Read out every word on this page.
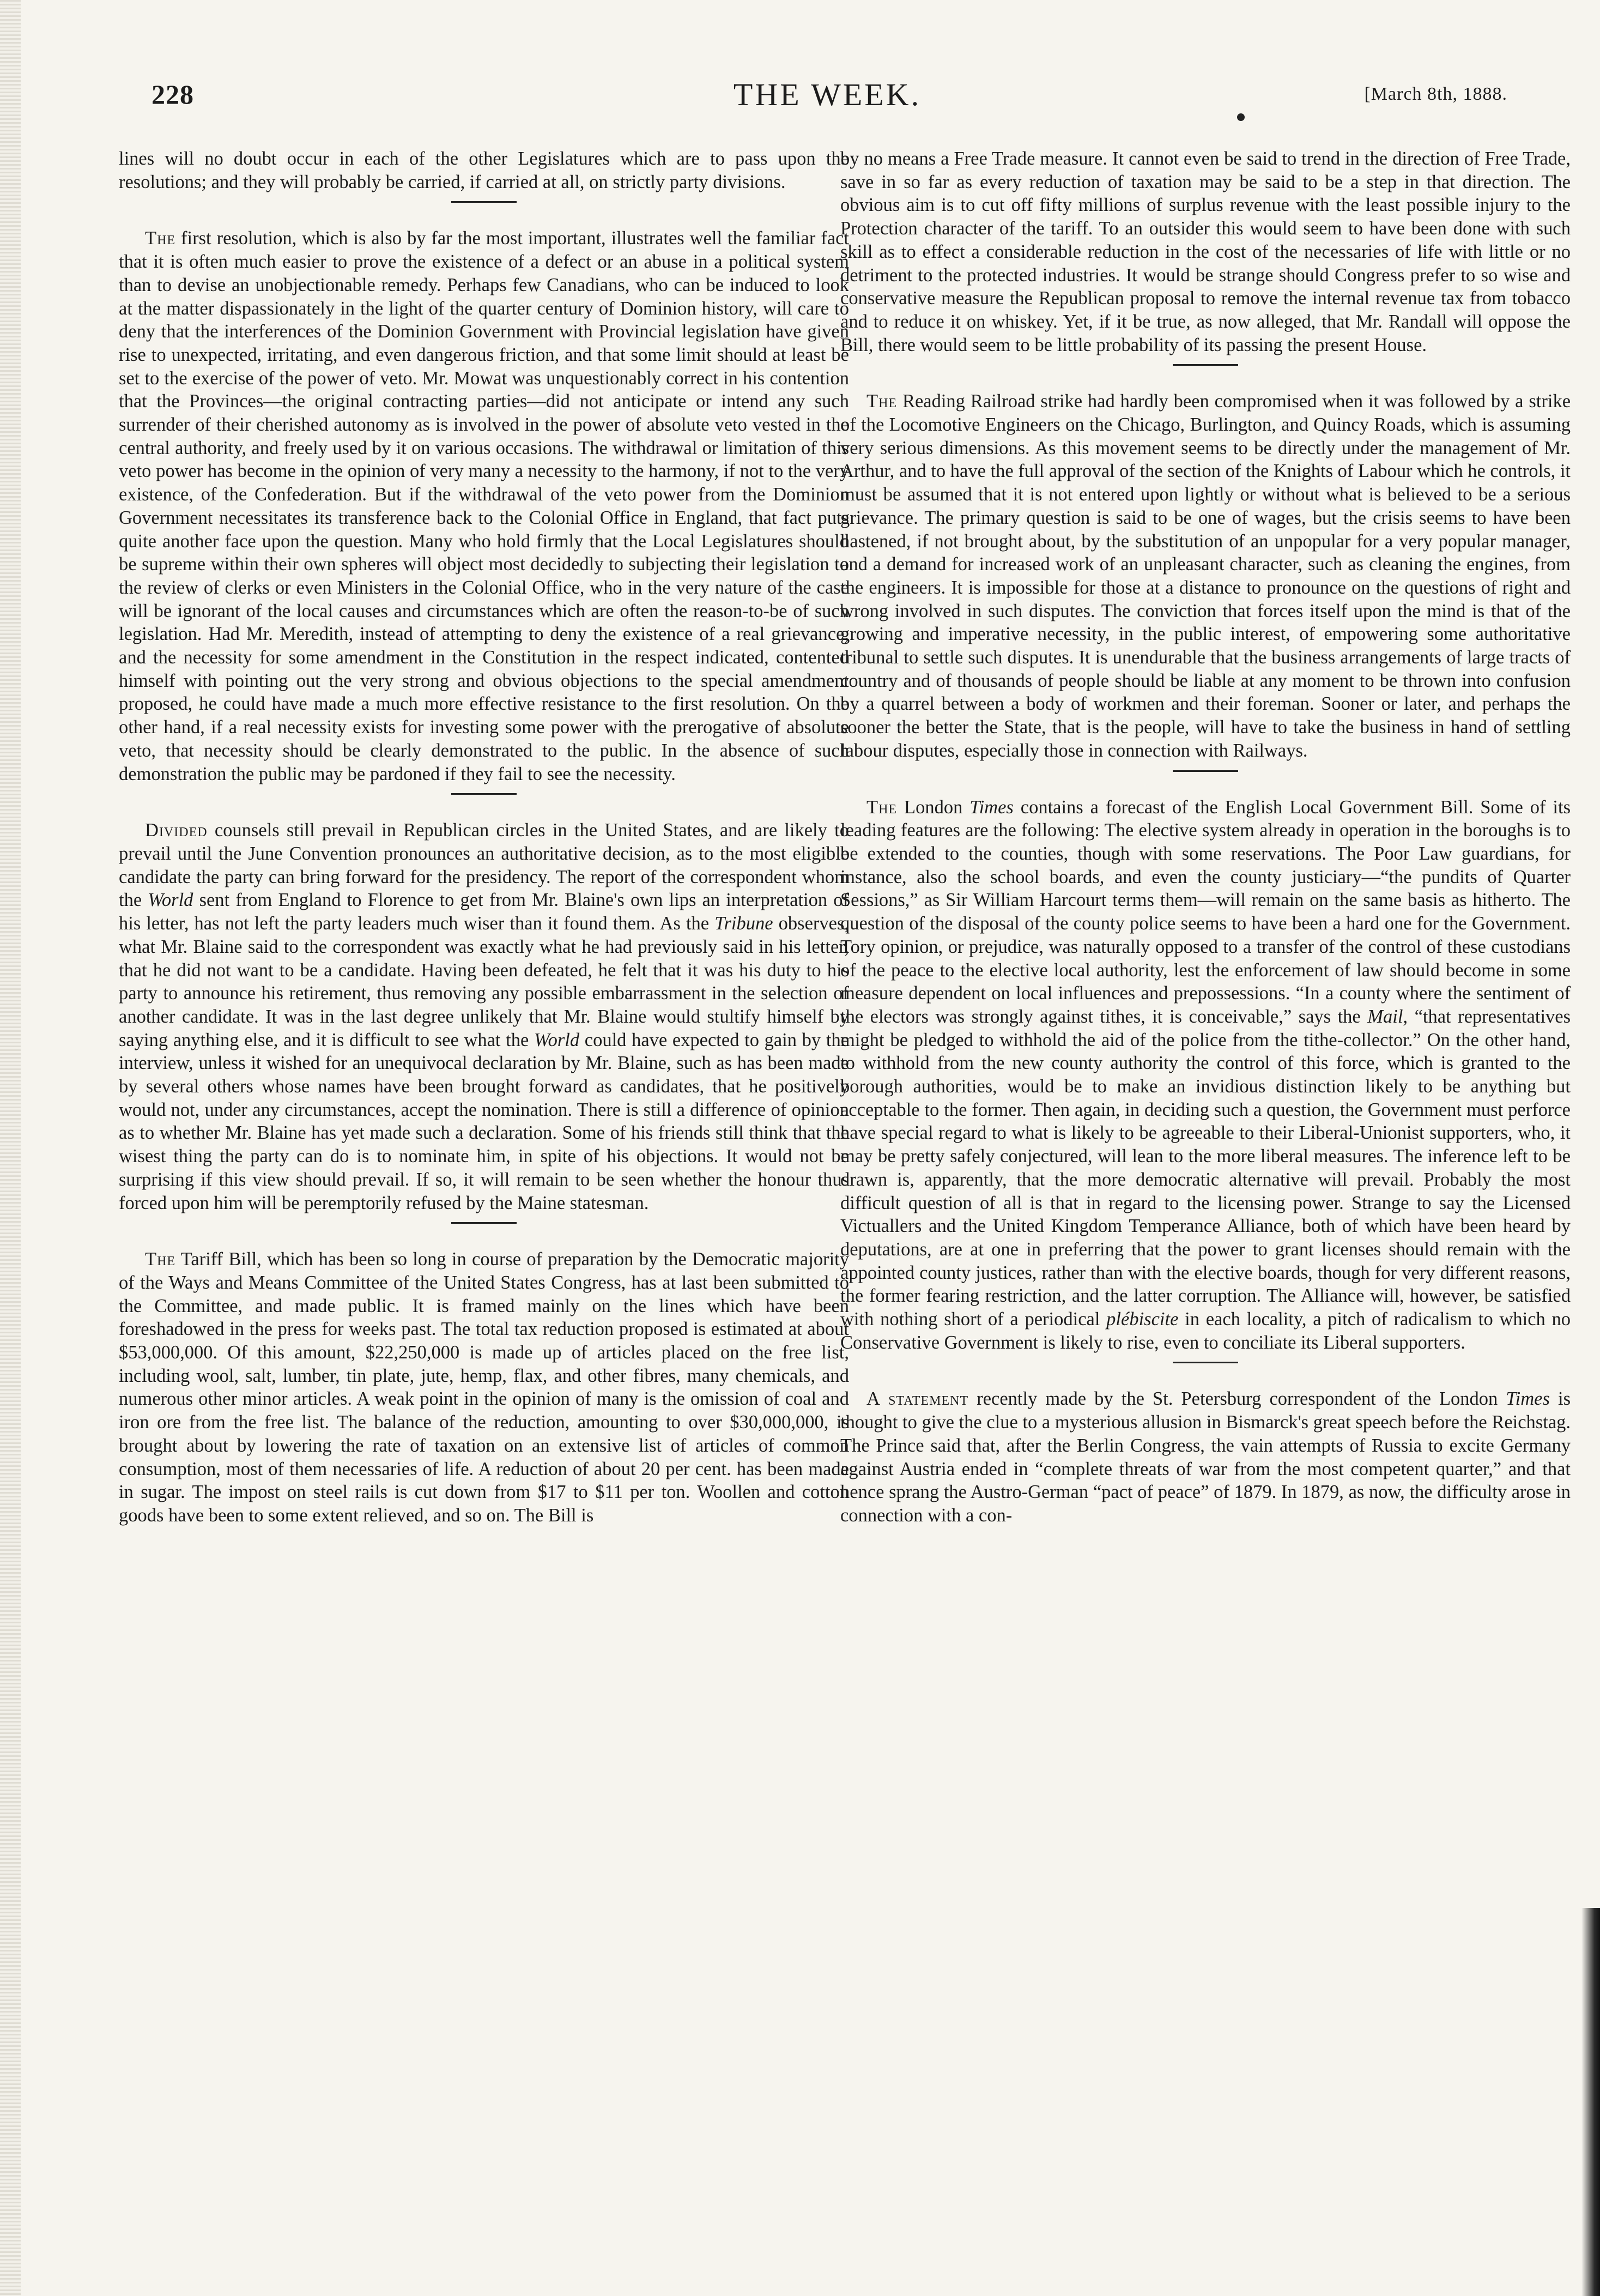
228	THE WEEK.	[March 8th, 1888.

lines will no doubt occur in each of the other Legislatures which are to pass upon the resolutions; and they will probably be carried, if carried at all, on strictly party divisions.

The first resolution, which is also by far the most important, illustrates well the familiar fact that it is often much easier to prove the existence of a defect or an abuse in a political system than to devise an unobjectionable remedy. Perhaps few Canadians, who can be induced to look at the matter dispassionately in the light of the quarter century of Dominion history, will care to deny that the interferences of the Dominion Government with Provincial legislation have given rise to unexpected, irritating, and even dangerous friction, and that some limit should at least be set to the exercise of the power of veto. Mr. Mowat was unquestionably correct in his contention that the Provinces—the original contracting parties—did not anticipate or intend any such surrender of their cherished autonomy as is involved in the power of absolute veto vested in the central authority, and freely used by it on various occasions. The withdrawal or limitation of this veto power has become in the opinion of very many a necessity to the harmony, if not to the very existence, of the Confederation. But if the withdrawal of the veto power from the Dominion Government necessitates its transference back to the Colonial Office in England, that fact puts quite another face upon the question. Many who hold firmly that the Local Legislatures should be supreme within their own spheres will object most decidedly to subjecting their legislation to the review of clerks or even Ministers in the Colonial Office, who in the very nature of the case will be ignorant of the local causes and circumstances which are often the reason-to-be of such legislation. Had Mr. Meredith, instead of attempting to deny the existence of a real grievance, and the necessity for some amendment in the Constitution in the respect indicated, contented himself with pointing out the very strong and obvious objections to the special amendment proposed, he could have made a much more effective resistance to the first resolution. On the other hand, if a real necessity exists for investing some power with the prerogative of absolute veto, that necessity should be clearly demonstrated to the public. In the absence of such demonstration the public may be pardoned if they fail to see the necessity.

Divided counsels still prevail in Republican circles in the United States, and are likely to prevail until the June Convention pronounces an authoritative decision, as to the most eligible candidate the party can bring forward for the presidency. The report of the correspondent whom the World sent from England to Florence to get from Mr. Blaine's own lips an interpretation of his letter, has not left the party leaders much wiser than it found them. As the Tribune observes, what Mr. Blaine said to the correspondent was exactly what he had previously said in his letter, that he did not want to be a candidate. Having been defeated, he felt that it was his duty to his party to announce his retirement, thus removing any possible embarrassment in the selection of another candidate. It was in the last degree unlikely that Mr. Blaine would stultify himself by saying anything else, and it is difficult to see what the World could have expected to gain by the interview, unless it wished for an unequivocal declaration by Mr. Blaine, such as has been made by several others whose names have been brought forward as candidates, that he positively would not, under any circumstances, accept the nomination. There is still a difference of opinion as to whether Mr. Blaine has yet made such a declaration. Some of his friends still think that the wisest thing the party can do is to nominate him, in spite of his objections. It would not be surprising if this view should prevail. If so, it will remain to be seen whether the honour thus forced upon him will be peremptorily refused by the Maine statesman.

The Tariff Bill, which has been so long in course of preparation by the Democratic majority of the Ways and Means Committee of the United States Congress, has at last been submitted to the Committee, and made public. It is framed mainly on the lines which have been foreshadowed in the press for weeks past. The total tax reduction proposed is estimated at about $53,000,000. Of this amount, $22,250,000 is made up of articles placed on the free list, including wool, salt, lumber, tin plate, jute, hemp, flax, and other fibres, many chemicals, and numerous other minor articles. A weak point in the opinion of many is the omission of coal and iron ore from the free list. The balance of the reduction, amounting to over $30,000,000, is brought about by lowering the rate of taxation on an extensive list of articles of common consumption, most of them necessaries of life. A reduction of about 20 per cent. has been made in sugar. The impost on steel rails is cut down from $17 to $11 per ton. Woollen and cotton goods have been to some extent relieved, and so on. The Bill is

by no means a Free Trade measure. It cannot even be said to trend in the direction of Free Trade, save in so far as every reduction of taxation may be said to be a step in that direction. The obvious aim is to cut off fifty millions of surplus revenue with the least possible injury to the Protection character of the tariff. To an outsider this would seem to have been done with such skill as to effect a considerable reduction in the cost of the necessaries of life with little or no detriment to the protected industries. It would be strange should Congress prefer to so wise and conservative measure the Republican proposal to remove the internal revenue tax from tobacco and to reduce it on whiskey. Yet, if it be true, as now alleged, that Mr. Randall will oppose the Bill, there would seem to be little probability of its passing the present House.

The Reading Railroad strike had hardly been compromised when it was followed by a strike of the Locomotive Engineers on the Chicago, Burlington, and Quincy Roads, which is assuming very serious dimensions. As this movement seems to be directly under the management of Mr. Arthur, and to have the full approval of the section of the Knights of Labour which he controls, it must be assumed that it is not entered upon lightly or without what is believed to be a serious grievance. The primary question is said to be one of wages, but the crisis seems to have been hastened, if not brought about, by the substitution of an unpopular for a very popular manager, and a demand for increased work of an unpleasant character, such as cleaning the engines, from the engineers. It is impossible for those at a distance to pronounce on the questions of right and wrong involved in such disputes. The conviction that forces itself upon the mind is that of the growing and imperative necessity, in the public interest, of empowering some authoritative tribunal to settle such disputes. It is unendurable that the business arrangements of large tracts of country and of thousands of people should be liable at any moment to be thrown into confusion by a quarrel between a body of workmen and their foreman. Sooner or later, and perhaps the sooner the better the State, that is the people, will have to take the business in hand of settling labour disputes, especially those in connection with Railways.

The London Times contains a forecast of the English Local Government Bill. Some of its leading features are the following: The elective system already in operation in the boroughs is to be extended to the counties, though with some reservations. The Poor Law guardians, for instance, also the school boards, and even the county justiciary—“the pundits of Quarter Sessions,” as Sir William Harcourt terms them—will remain on the same basis as hitherto. The question of the disposal of the county police seems to have been a hard one for the Government. Tory opinion, or prejudice, was naturally opposed to a transfer of the control of these custodians of the peace to the elective local authority, lest the enforcement of law should become in some measure dependent on local influences and prepossessions. “In a county where the sentiment of the electors was strongly against tithes, it is conceivable,” says the Mail, “that representatives might be pledged to withhold the aid of the police from the tithe-collector.” On the other hand, to withhold from the new county authority the control of this force, which is granted to the borough authorities, would be to make an invidious distinction likely to be anything but acceptable to the former. Then again, in deciding such a question, the Government must perforce have special regard to what is likely to be agreeable to their Liberal-Unionist supporters, who, it may be pretty safely conjectured, will lean to the more liberal measures. The inference left to be drawn is, apparently, that the more democratic alternative will prevail. Probably the most difficult question of all is that in regard to the licensing power. Strange to say the Licensed Victuallers and the United Kingdom Temperance Alliance, both of which have been heard by deputations, are at one in preferring that the power to grant licenses should remain with the appointed county justices, rather than with the elective boards, though for very different reasons, the former fearing restriction, and the latter corruption. The Alliance will, however, be satisfied with nothing short of a periodical plébiscite in each locality, a pitch of radicalism to which no Conservative Government is likely to rise, even to conciliate its Liberal supporters.

A statement recently made by the St. Petersburg correspondent of the London Times is thought to give the clue to a mysterious allusion in Bismarck's great speech before the Reichstag. The Prince said that, after the Berlin Congress, the vain attempts of Russia to excite Germany against Austria ended in “complete threats of war from the most competent quarter,” and that hence sprang the Austro-German “pact of peace” of 1879. In 1879, as now, the difficulty arose in connection with a con-
